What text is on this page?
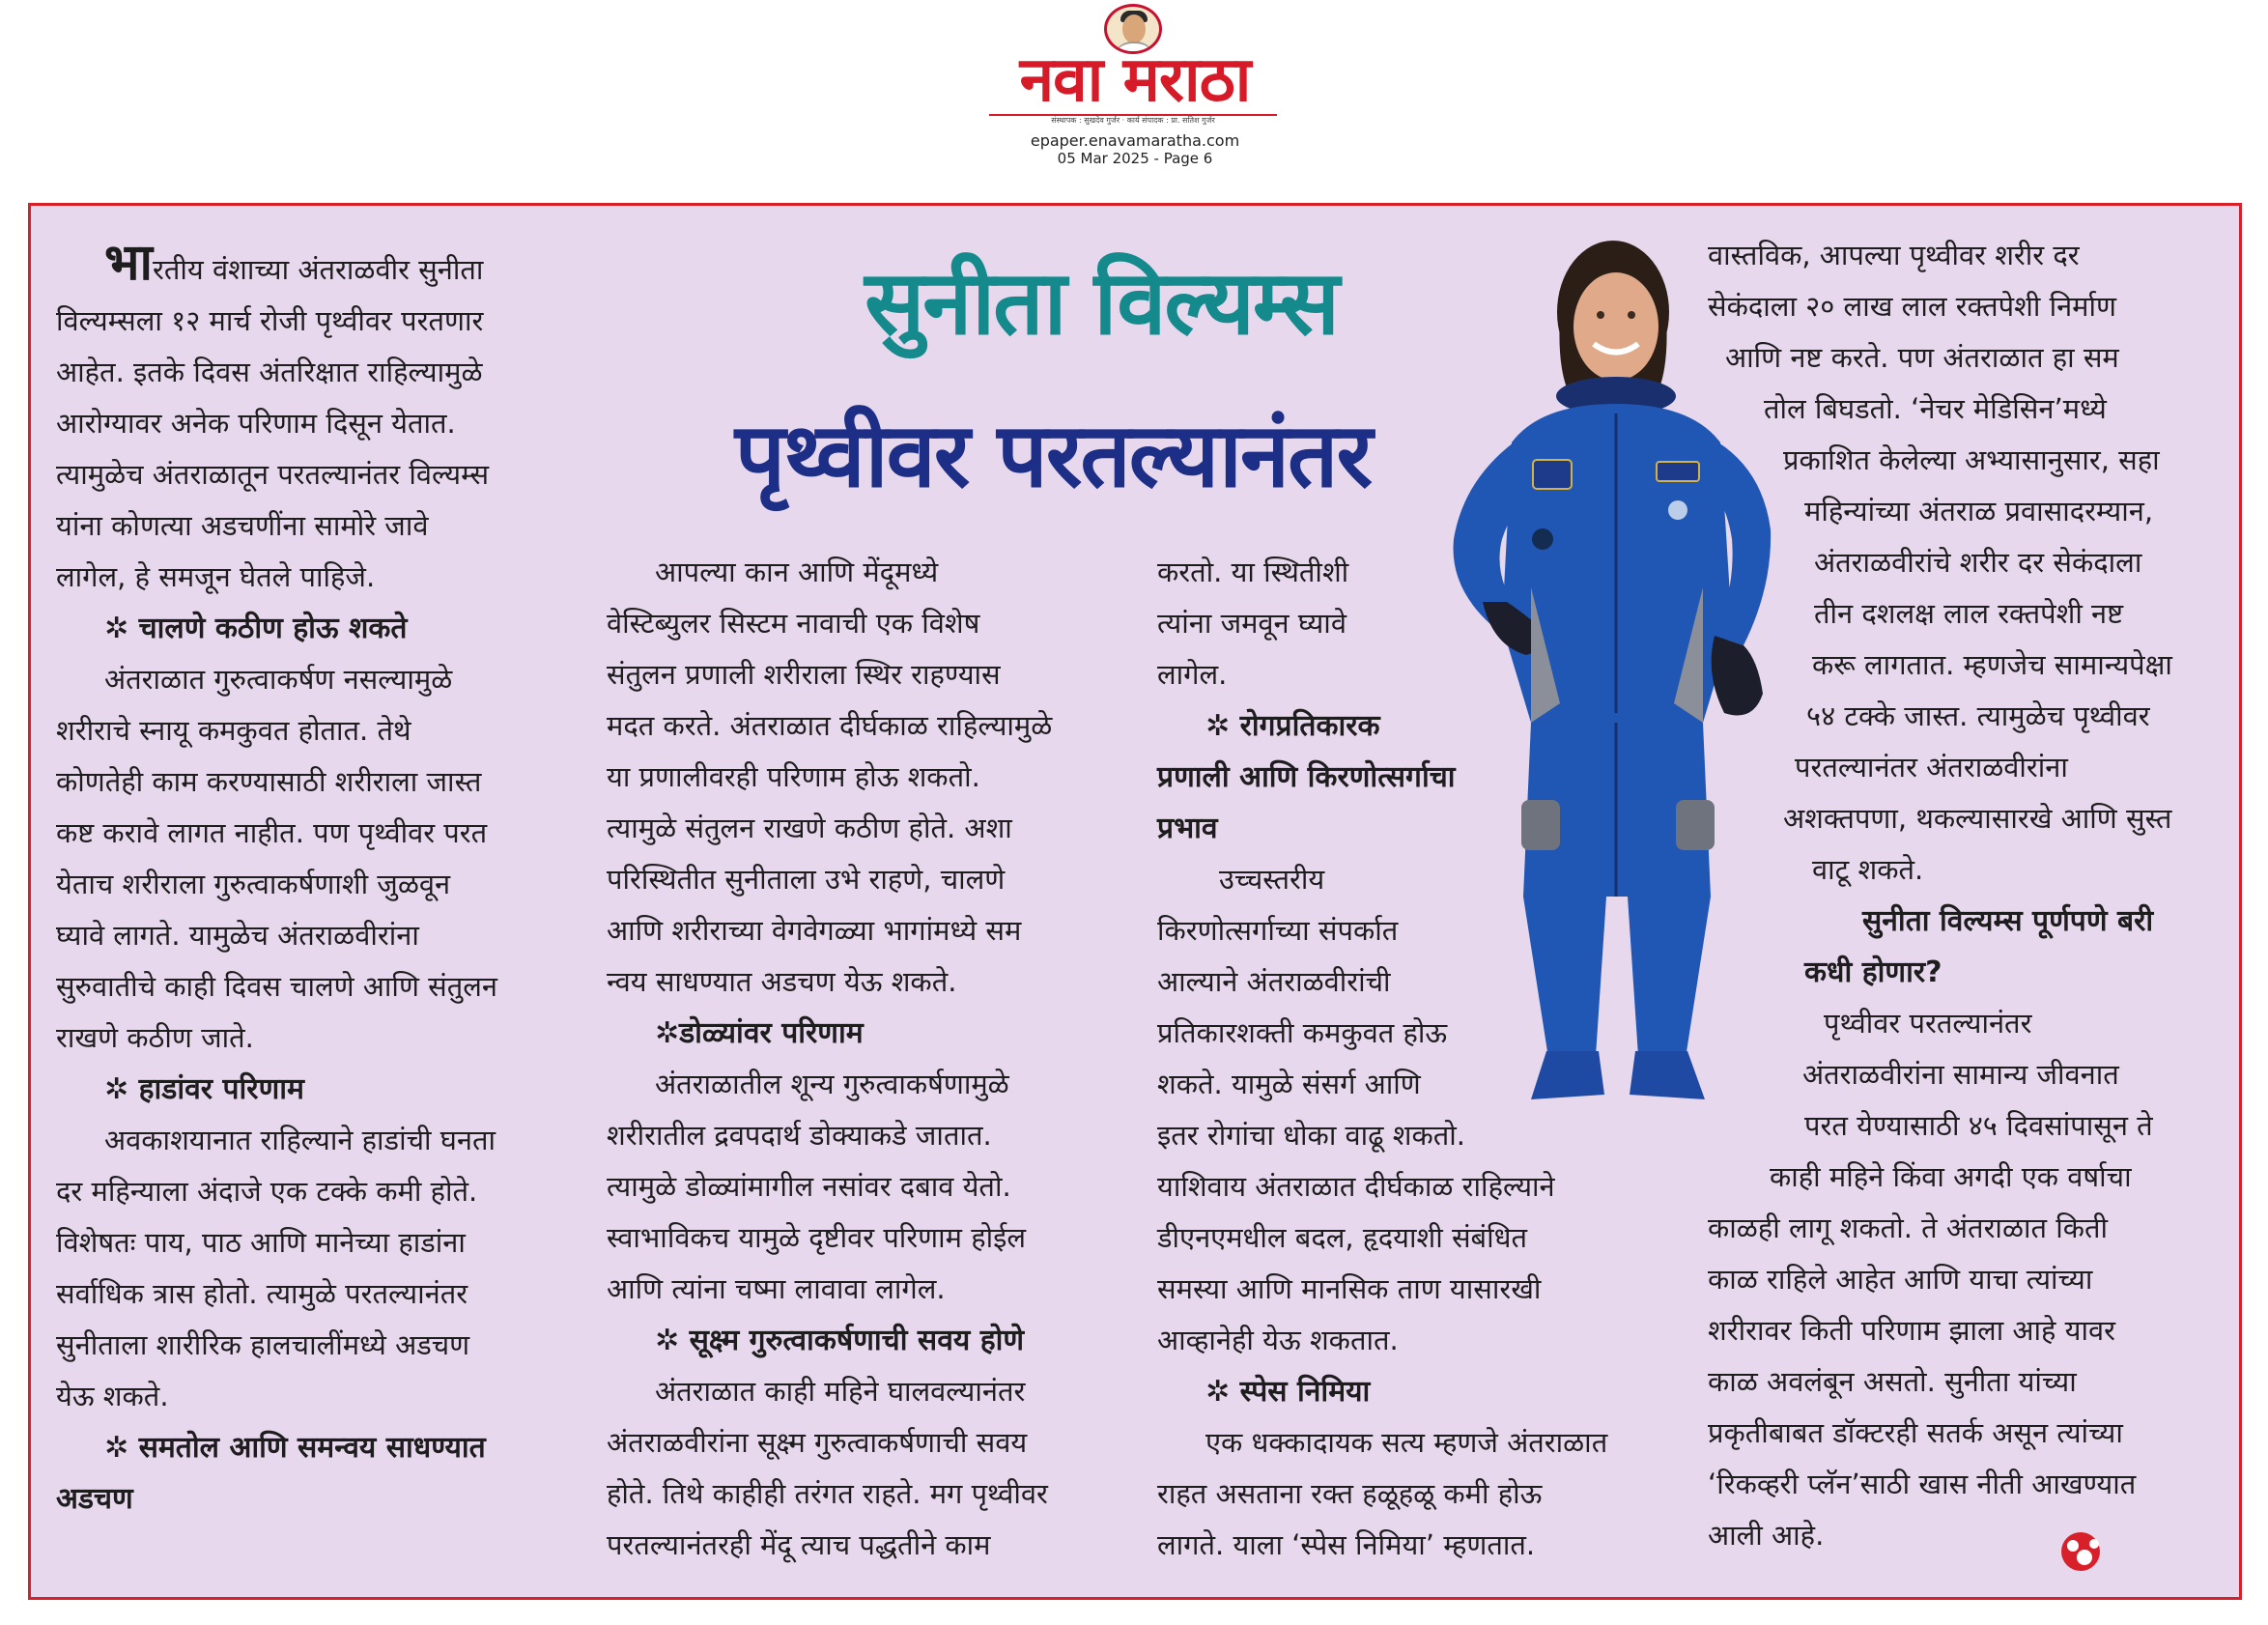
नवा मराठा
संस्थापक : सुखदेव गुर्जर · कार्य संपादक : प्रा. सतिश गुर्जर
epaper.enavamaratha.com
05 Mar 2025 - Page 6
सुनीता विल्यम्स
पृथ्वीवर परतल्यानंतर

भारतीय वंशाच्या अंतराळवीर सुनीता

विल्यम्सला १२ मार्च रोजी पृथ्वीवर परतणार

आहेत. इतके दिवस अंतरिक्षात राहिल्यामुळे

आरोग्यावर अनेक परिणाम दिसून येतात.

त्यामुळेच अंतराळातून परतल्यानंतर विल्यम्स

यांना कोणत्या अडचणींना सामोरे जावे

लागेल, हे समजून घेतले पाहिजे.

✲ चालणे कठीण होऊ शकते

अंतराळात गुरुत्वाकर्षण नसल्यामुळे

शरीराचे स्नायू कमकुवत होतात. तेथे

कोणतेही काम करण्यासाठी शरीराला जास्त

कष्ट करावे लागत नाहीत. पण पृथ्वीवर परत

येताच शरीराला गुरुत्वाकर्षणाशी जुळवून

घ्यावे लागते. यामुळेच अंतराळवीरांना

सुरुवातीचे काही दिवस चालणे आणि संतुलन

राखणे कठीण जाते.

✲ हाडांवर परिणाम

अवकाशयानात राहिल्याने हाडांची घनता

दर महिन्याला अंदाजे एक टक्के कमी होते.

विशेषतः पाय, पाठ आणि मानेच्या हाडांना

सर्वाधिक त्रास होतो. त्यामुळे परतल्यानंतर

सुनीताला शारीरिक हालचालींमध्ये अडचण

येऊ शकते.

✲ समतोल आणि समन्वय साधण्यात

अडचण

आपल्या कान आणि मेंदूमध्ये

वेस्टिब्युलर सिस्टम नावाची एक विशेष

संतुलन प्रणाली शरीराला स्थिर राहण्यास

मदत करते. अंतराळात दीर्घकाळ राहिल्यामुळे

या प्रणालीवरही परिणाम होऊ शकतो.

त्यामुळे संतुलन राखणे कठीण होते. अशा

परिस्थितीत सुनीताला उभे राहणे, चालणे

आणि शरीराच्या वेगवेगळ्या भागांमध्ये सम

न्वय साधण्यात अडचण येऊ शकते.

✲डोळ्यांवर परिणाम

अंतराळातील शून्य गुरुत्वाकर्षणामुळे

शरीरातील द्रवपदार्थ डोक्याकडे जातात.

त्यामुळे डोळ्यांमागील नसांवर दबाव येतो.

स्वाभाविकच यामुळे दृष्टीवर परिणाम होईल

आणि त्यांना चष्मा लावावा लागेल.

✲ सूक्ष्म गुरुत्वाकर्षणाची सवय होणे

अंतराळात काही महिने घालवल्यानंतर

अंतराळवीरांना सूक्ष्म गुरुत्वाकर्षणाची सवय

होते. तिथे काहीही तरंगत राहते. मग पृथ्वीवर

परतल्यानंतरही मेंदू त्याच पद्धतीने काम

करतो. या स्थितीशी

त्यांना जमवून घ्यावे

लागेल.

✲ रोगप्रतिकारक

प्रणाली आणि किरणोत्सर्गाचा

प्रभाव

उच्चस्तरीय

किरणोत्सर्गाच्या संपर्कात

आल्याने अंतराळवीरांची

प्रतिकारशक्ती कमकुवत होऊ

शकते. यामुळे संसर्ग आणि

इतर रोगांचा धोका वाढू शकतो.

याशिवाय अंतराळात दीर्घकाळ राहिल्याने

डीएनएमधील बदल, हृदयाशी संबंधित

समस्या आणि मानसिक ताण यासारखी

आव्हानेही येऊ शकतात.

✲ स्पेस निमिया

एक धक्कादायक सत्य म्हणजे अंतराळात

राहत असताना रक्त हळूहळू कमी होऊ

लागते. याला ‘स्पेस निमिया’ म्हणतात.

वास्तविक, आपल्या पृथ्वीवर शरीर दर

सेकंदाला २० लाख लाल रक्तपेशी निर्माण

आणि नष्ट करते. पण अंतराळात हा सम

तोल बिघडतो. ‘नेचर मेडिसिन’मध्ये

प्रकाशित केलेल्या अभ्यासानुसार, सहा

महिन्यांच्या अंतराळ प्रवासादरम्यान,

अंतराळवीरांचे शरीर दर सेकंदाला

तीन दशलक्ष लाल रक्तपेशी नष्ट

करू लागतात. म्हणजेच सामान्यपेक्षा

५४ टक्के जास्त. त्यामुळेच पृथ्वीवर

परतल्यानंतर अंतराळवीरांना

अशक्तपणा, थकल्यासारखे आणि सुस्त

वाटू शकते.

सुनीता विल्यम्स पूर्णपणे बरी

कधी होणार?

पृथ्वीवर परतल्यानंतर

अंतराळवीरांना सामान्य जीवनात

परत येण्यासाठी ४५ दिवसांपासून ते

काही महिने किंवा अगदी एक वर्षाचा

काळही लागू शकतो. ते अंतराळात किती

काळ राहिले आहेत आणि याचा त्यांच्या

शरीरावर किती परिणाम झाला आहे यावर

काळ अवलंबून असतो. सुनीता यांच्या

प्रकृतीबाबत डॉक्टरही सतर्क असून त्यांच्या

‘रिकव्हरी प्लॅन’साठी खास नीती आखण्यात

आली आहे.
